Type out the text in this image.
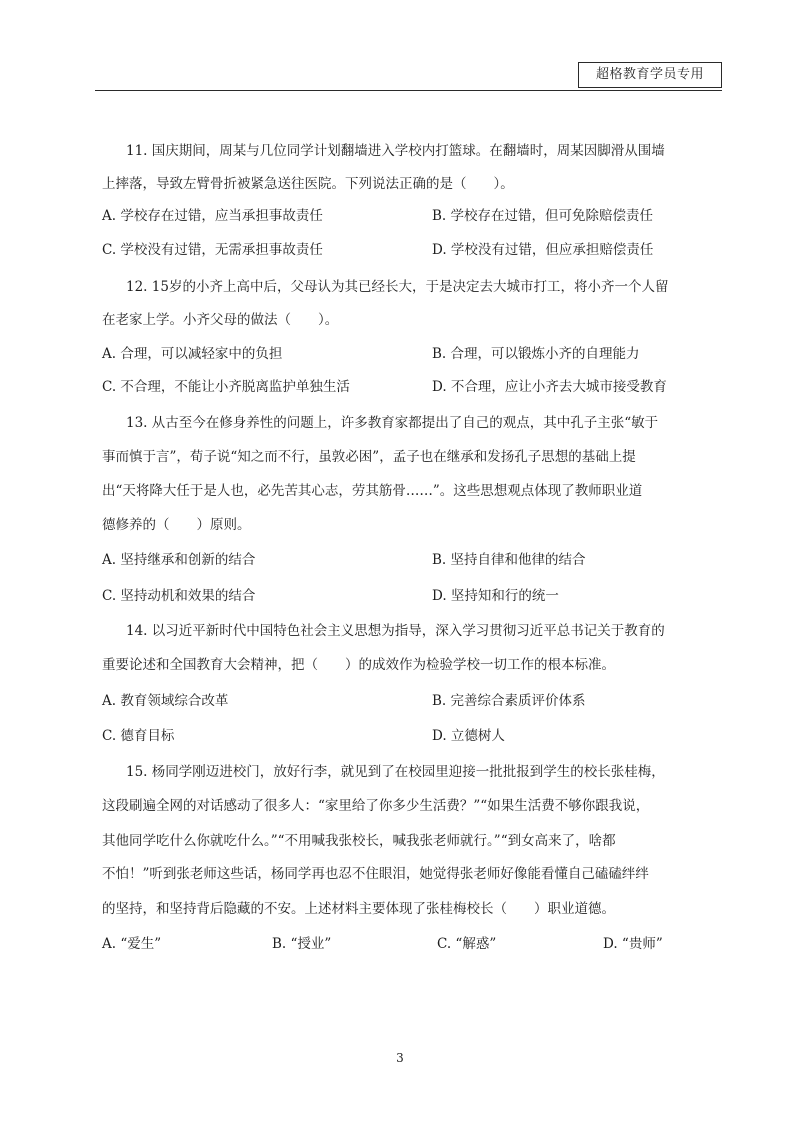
超格教育学员专用
11. 国庆期间，周某与几位同学计划翻墙进入学校内打篮球。在翻墙时，周某因脚滑从围墙
上摔落，导致左臂骨折被紧急送往医院。下列说法正确的是（　　）。
A. 学校存在过错，应当承担事故责任	B. 学校存在过错，但可免除赔偿责任
C. 学校没有过错，无需承担事故责任	D. 学校没有过错，但应承担赔偿责任
12. 15岁的小齐上高中后，父母认为其已经长大，于是决定去大城市打工，将小齐一个人留
在老家上学。小齐父母的做法（　　）。
A. 合理，可以减轻家中的负担	B. 合理，可以锻炼小齐的自理能力
C. 不合理，不能让小齐脱离监护单独生活	D. 不合理，应让小齐去大城市接受教育
13. 从古至今在修身养性的问题上，许多教育家都提出了自己的观点，其中孔子主张“敏于
事而慎于言”，荀子说“知之而不行，虽敦必困”，孟子也在继承和发扬孔子思想的基础上提
出“天将降大任于是人也，必先苦其心志，劳其筋骨……”。这些思想观点体现了教师职业道
德修养的（　　）原则。
A. 坚持继承和创新的结合	B. 坚持自律和他律的结合
C. 坚持动机和效果的结合	D. 坚持知和行的统一
14. 以习近平新时代中国特色社会主义思想为指导，深入学习贯彻习近平总书记关于教育的
重要论述和全国教育大会精神，把（　　）的成效作为检验学校一切工作的根本标准。
A. 教育领域综合改革	B. 完善综合素质评价体系
C. 德育目标	D. 立德树人
15. 杨同学刚迈进校门，放好行李，就见到了在校园里迎接一批批报到学生的校长张桂梅，
这段刷遍全网的对话感动了很多人：“家里给了你多少生活费？”“如果生活费不够你跟我说，
其他同学吃什么你就吃什么。”“不用喊我张校长，喊我张老师就行。”“到女高来了，啥都
不怕！”听到张老师这些话，杨同学再也忍不住眼泪，她觉得张老师好像能看懂自己磕磕绊绊
的坚持，和坚持背后隐藏的不安。上述材料主要体现了张桂梅校长（　　）职业道德。
A. “爱生”	B. “授业”	C. “解惑”	D. “贵师”
3
